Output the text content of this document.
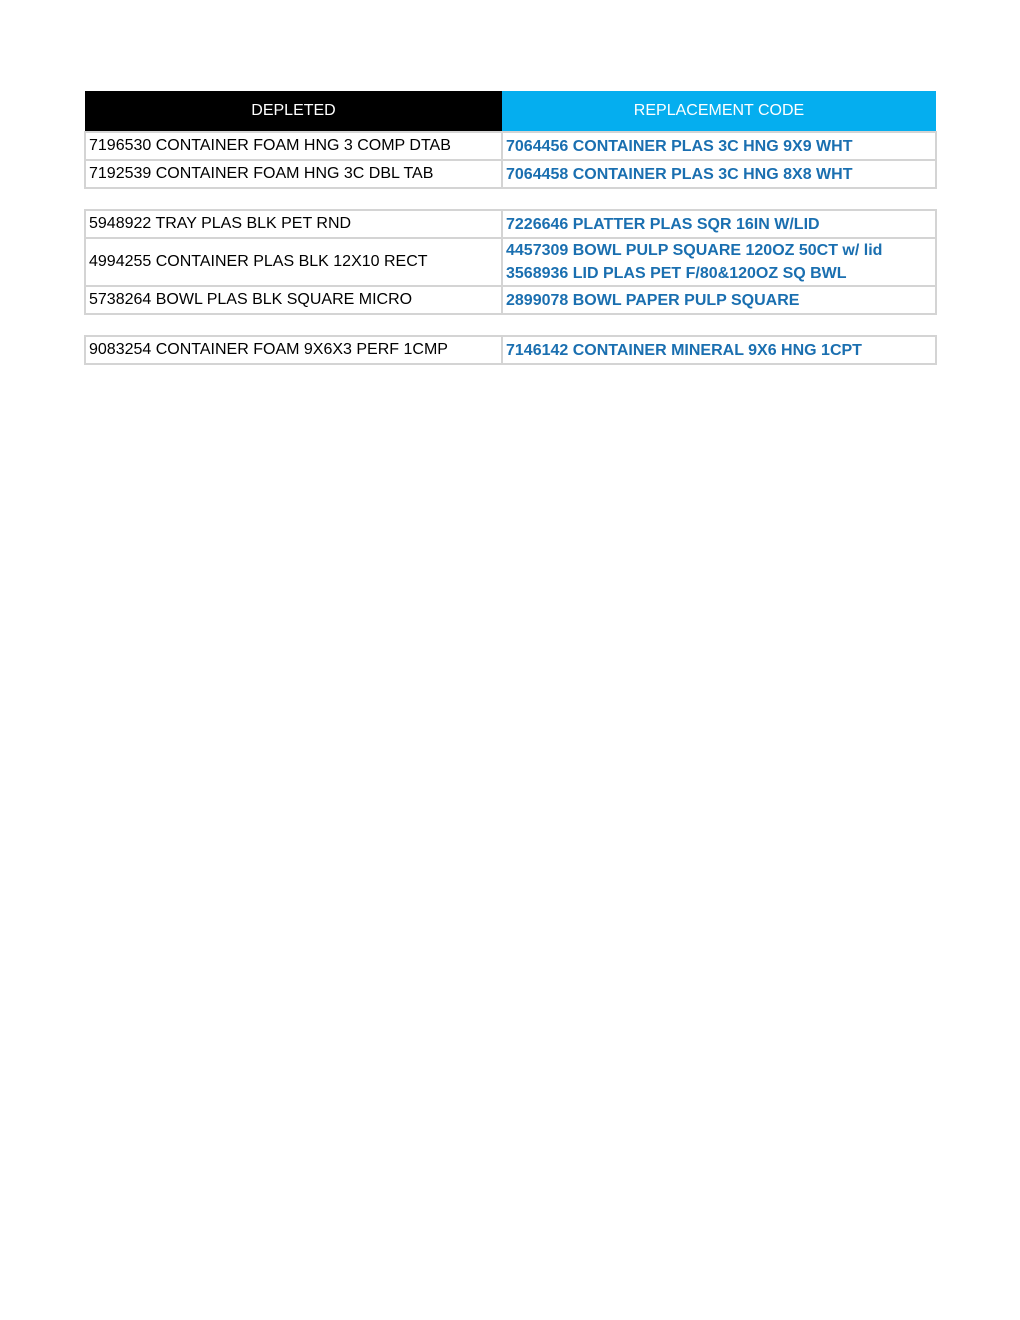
DEPLETED	REPLACEMENT CODE
7196530 CONTAINER FOAM HNG 3 COMP DTAB	7064456 CONTAINER PLAS 3C HNG 9X9 WHT

7192539 CONTAINER FOAM HNG 3C DBL TAB	7064458 CONTAINER PLAS 3C HNG 8X8 WHT

5948922 TRAY PLAS BLK PET RND	7226646 PLATTER PLAS SQR 16IN W/LID

4994255 CONTAINER PLAS BLK 12X10 RECT	4457309 BOWL PULP SQUARE 120OZ 50CT w/ lid
3568936 LID PLAS PET F/80&120OZ SQ BWL

5738264 BOWL PLAS BLK SQUARE MICRO	2899078 BOWL PAPER PULP SQUARE

9083254 CONTAINER FOAM 9X6X3 PERF 1CMP	7146142 CONTAINER MINERAL 9X6 HNG 1CPT
